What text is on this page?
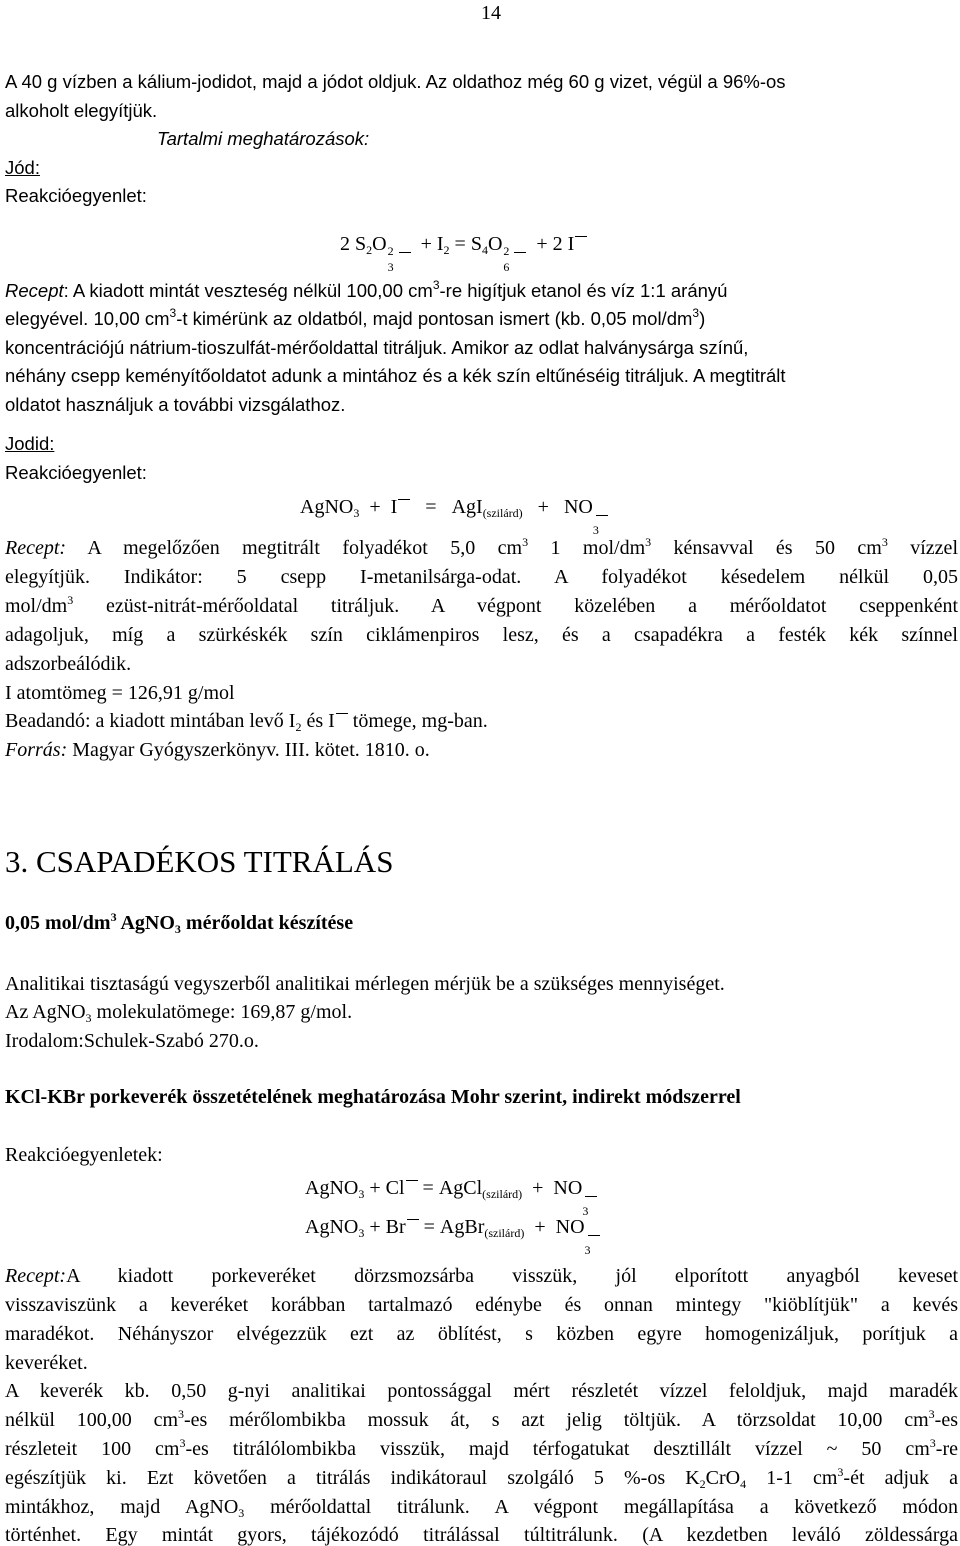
14
A 40 g vízben a kálium-jodidot, majd a jódot oldjuk. Az oldathoz még 60 g vizet, végül a 96%-os
alkoholt elegyítjük.
Tartalmi meghatározások:
Jód:
Reakcióegyenlet:
2 $S_2O$ 2
3
+ $I_2 = S_4O$ 2
6
+ 2 I
Recept: A kiadott mintát veszteség nélkül 100,00 $cm^3-re$ higítjuk etanol és víz 1:1 arányú
elegyével. 10,00 $cm^3-t$ kimérünk az oldatból, majd pontosan ismert (kb. 0,05 mol/$dm^3$)
koncentrációjú nátrium-tioszulfát-mérőoldattal titráljuk. Amikor az odlat halványsárga színű,
néhány csepp keményítőoldatot adunk a mintához és a kék szín eltűnéséig titráljuk. A megtitrált
oldatot használjuk a további vizsgálathoz.
Jodid:
Reakcióegyenlet:
AgNO$_3$ + I = AgI$_{(szilárd)}$ + NO
3
Recept: A megelőzően megtitrált folyadékot 5,0 $cm^3$ 1 mol/$dm^3$ kénsavval és 50 $cm^3$ vízzel
elegyítjük. Indikátor: 5 csepp I-metanilsárga-odat. A folyadékot késedelem nélkül 0,05
mol/$dm^3$ ezüst-nitrát-mérőoldatal titráljuk. A végpont közelében a mérőoldatot cseppenként
adagoljuk, míg a szürkéskék szín ciklámenpiros lesz, és a csapadékra a festék kék színnel
adszorbeálódik.
I atomtömeg = 126,91 g/mol
Beadandó: a kiadott mintában levő $I_2$ és I tömege, mg-ban.
Forrás: Magyar Gyógyszerkönyv. III. kötet. 1810. o.
3. CSAPADÉKOS TITRÁLÁS
0,05 mol/$dm^3$ AgNO$_3$ mérőoldat készítése
Analitikai tisztaságú vegyszerből analitikai mérlegen mérjük be a szükséges mennyiséget.
Az AgNO$_3$ molekulatömege: 169,87 g/mol.
Irodalom:Schulek-Szabó 270.o.
KCl-KBr porkeverék összetételének meghatározása Mohr szerint, indirekt módszerrel
Reakcióegyenletek:
AgNO$_3$ + Cl = AgCl$_{(szilárd)}$ + NO
3
AgNO$_3$ + Br = AgBr$_{(szilárd)}$ + NO
3
Recept:A kiadott porkeveréket dörzsmozsárba visszük, jól elporított anyagból keveset
visszaviszünk a keveréket korábban tartalmazó edénybe és onnan mintegy "kiöblítjük" a kevés
maradékot. Néhányszor elvégezzük ezt az öblítést, s közben egyre homogenizáljuk, porítjuk a
keveréket.
A keverék kb. 0,50 g-nyi analitikai pontossággal mért részletét vízzel feloldjuk, majd maradék
nélkül 100,00 $cm^3-es$ mérőlombikba mossuk át, s azt jelig töltjük. A törzsoldat 10,00 $cm^3-es$
részleteit 100 $cm^3-es$ titrálólombikba visszük, majd térfogatukat desztillált vízzel ~ 50 $cm^3-re$
egészítjük ki. Ezt követően a titrálás indikátoraul szolgáló 5 %-os $K_2CrO_4$ 1-1 $cm^3-ét$ adjuk a
mintákhoz, majd AgNO$_3$ mérőoldattal titrálunk. A végpont megállapítása a következő módon
történhet. Egy mintát gyors, tájékozódó titrálással túltitrálunk. (A kezdetben leváló zöldessárga
